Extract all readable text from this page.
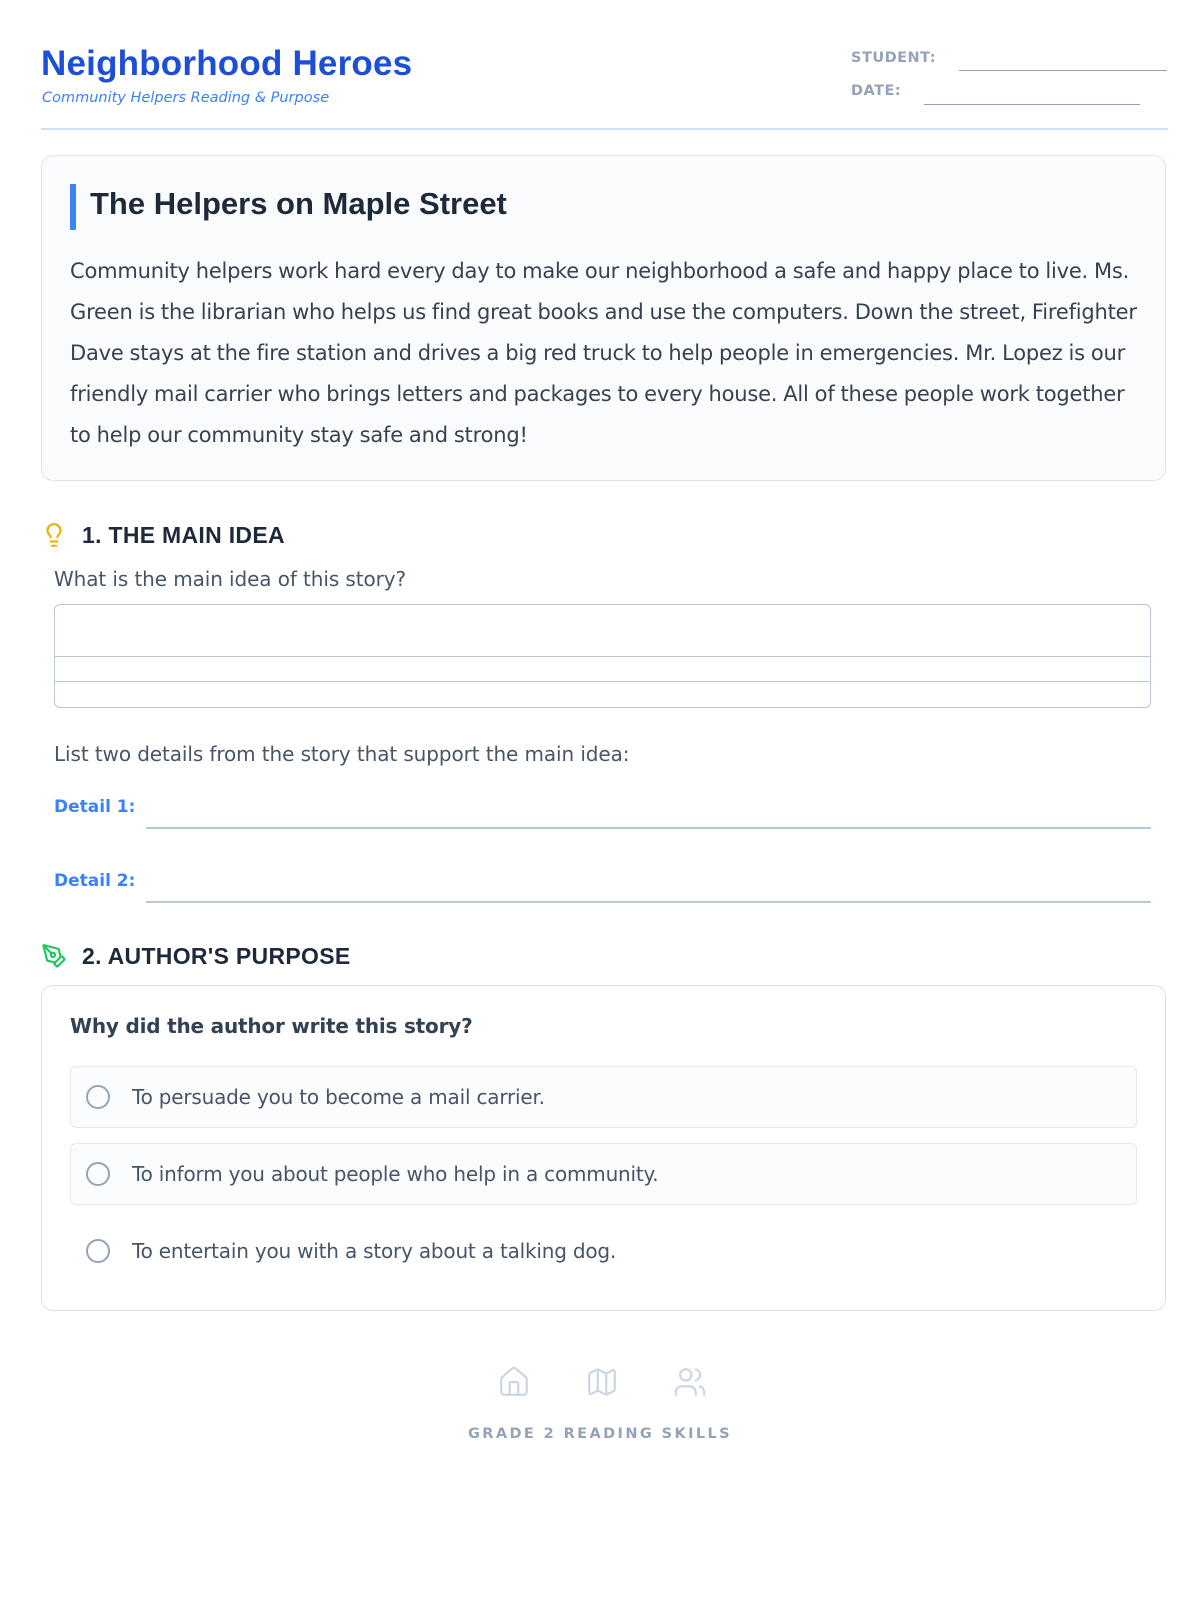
Neighborhood Heroes
Community Helpers Reading & Purpose
STUDENT:
DATE:
The Helpers on Maple Street

Community helpers work hard every day to make our neighborhood a safe and happy place to live. Ms. Green is the librarian who helps us find great books and use the computers. Down the street, Firefighter Dave stays at the fire station and drives a big red truck to help people in emergencies. Mr. Lopez is our friendly mail carrier who brings letters and packages to every house. All of these people work together to help our community stay safe and strong!

1. THE MAIN IDEA
What is the main idea of this story?
List two details from the story that support the main idea:
Detail 1:
Detail 2:
2. AUTHOR'S PURPOSE
Why did the author write this story?
To persuade you to become a mail carrier.
To inform you about people who help in a community.
To entertain you with a story about a talking dog.
GRADE 2 READING SKILLS
